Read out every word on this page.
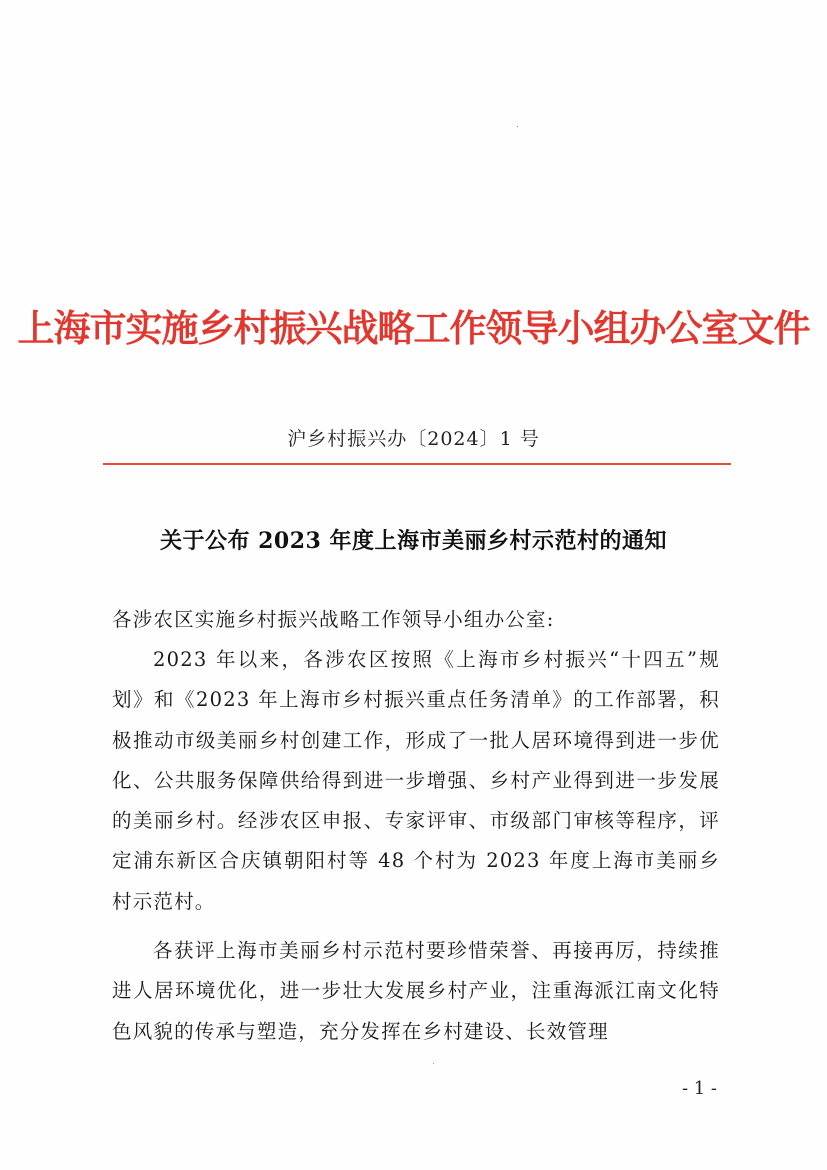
上海市实施乡村振兴战略工作领导小组办公室文件
沪乡村振兴办〔2024〕1 号
关于公布 2023 年度上海市美丽乡村示范村的通知
各涉农区实施乡村振兴战略工作领导小组办公室:
2023 年以来，各涉农区按照《上海市乡村振兴“十四五”规划》和《2023 年上海市乡村振兴重点任务清单》的工作部署，积极推动市级美丽乡村创建工作，形成了一批人居环境得到进一步优化、公共服务保障供给得到进一步增强、乡村产业得到进一步发展的美丽乡村。经涉农区申报、专家评审、市级部门审核等程序，评定浦东新区合庆镇朝阳村等 48 个村为 2023 年度上海市美丽乡村示范村。
各获评上海市美丽乡村示范村要珍惜荣誉、再接再厉，持续推进人居环境优化，进一步壮大发展乡村产业，注重海派江南文化特色风貌的传承与塑造，充分发挥在乡村建设、长效管理
- 1 -
